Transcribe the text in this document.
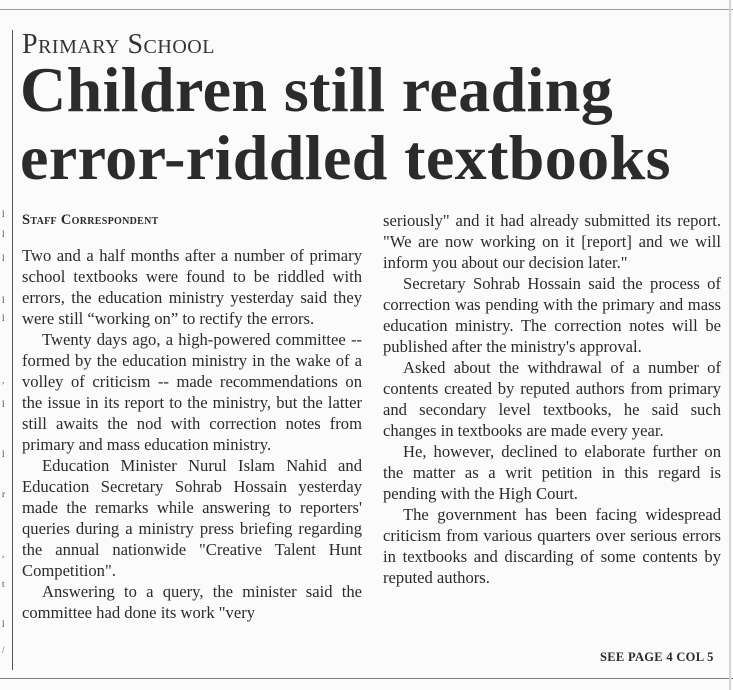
l
l
l
l
l
,
l
l
r
,
t
l
/
Primary School
Children still reading
error-riddled textbooks
Staff Correspondent

Two and a half months after a number of primary school textbooks were found to be riddled with errors, the education ministry yesterday said they were still “working on” to rectify the errors.

Twenty days ago, a high-powered committee -- formed by the education ministry in the wake of a volley of criticism -- made recommendations on the issue in its report to the ministry, but the latter still awaits the nod with correction notes from primary and mass education ministry.

Education Minister Nurul Islam Nahid and Education Secretary Sohrab Hossain yesterday made the remarks while answering to reporters' queries during a ministry press briefing regarding the annual nationwide "Creative Talent Hunt Competition".

Answering to a query, the minister said the committee had done its work "very

seriously" and it had already submitted its report. "We are now working on it [report] and we will inform you about our decision later."

Secretary Sohrab Hossain said the process of correction was pending with the primary and mass education ministry. The correction notes will be published after the ministry's approval.

Asked about the withdrawal of a number of contents created by reputed authors from primary and secondary level textbooks, he said such changes in textbooks are made every year.

He, however, declined to elaborate further on the matter as a writ petition in this regard is pending with the High Court.

The government has been facing widespread criticism from various quarters over serious errors in textbooks and discarding of some contents by reputed authors.

SEE PAGE 4 COL 5
